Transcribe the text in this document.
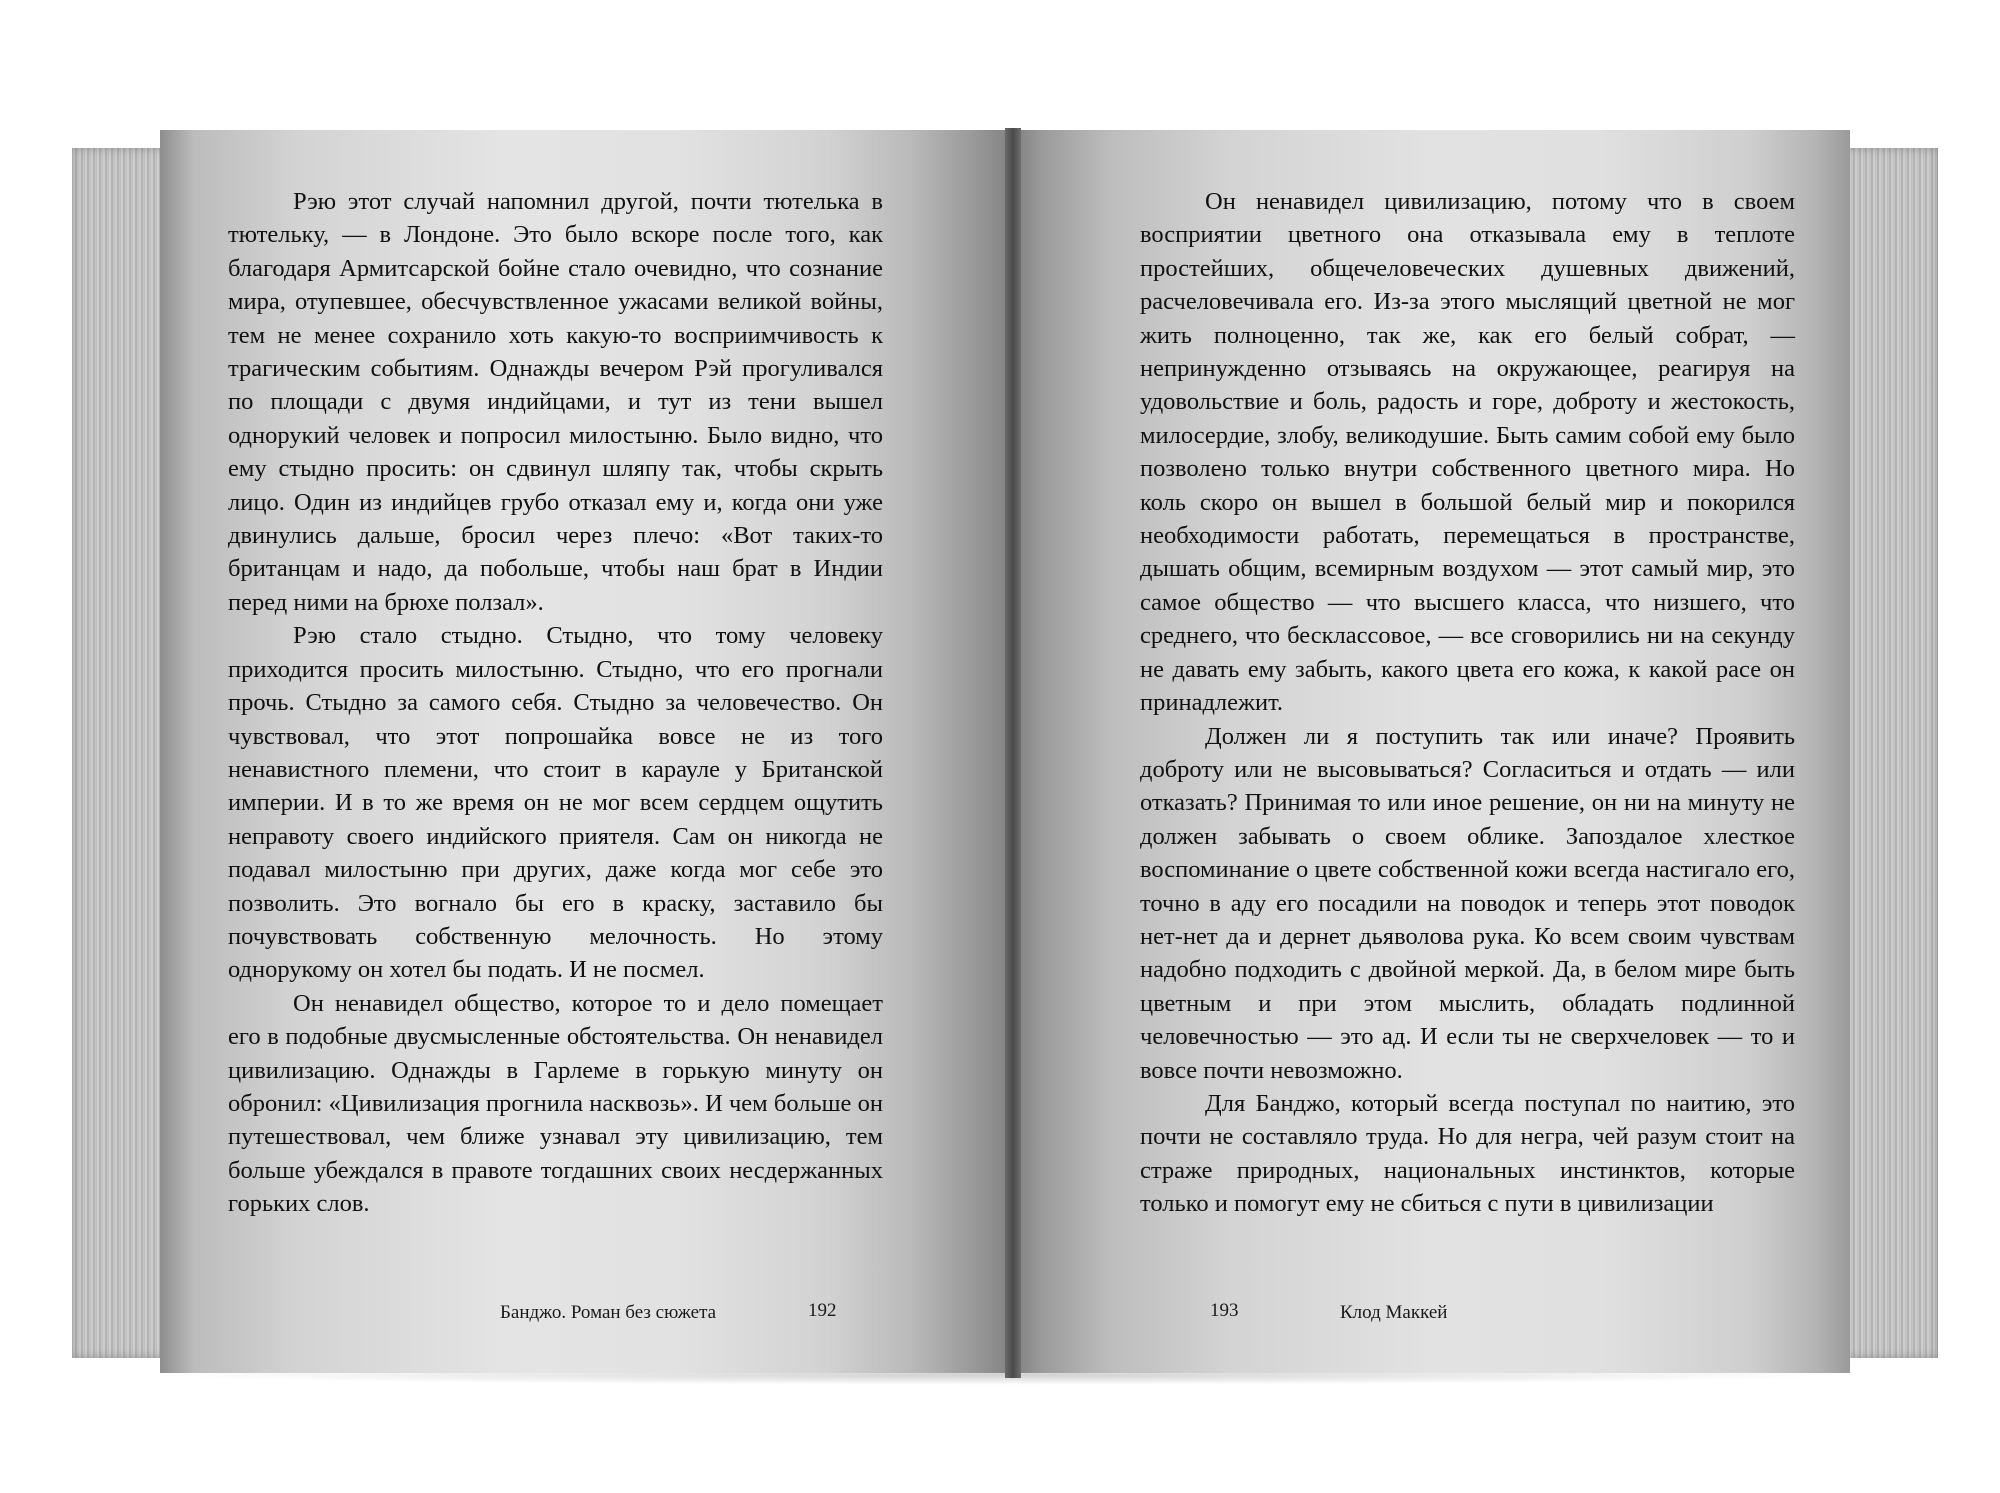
Рэю этот случай напомнил другой, почти тютелька в тютельку, — в Лондоне. Это было вскоре после того, как благодаря Армитсарской бойне стало очевидно, что сознание мира, отупевшее, обесчувствленное ужасами великой войны, тем не менее сохранило хоть какую-то восприимчивость к трагическим событиям. Однажды вечером Рэй прогуливался по площади с двумя индийцами, и тут из тени вышел однорукий человек и попросил милостыню. Было видно, что ему стыдно просить: он сдвинул шляпу так, чтобы скрыть лицо. Один из индийцев грубо отказал ему и, когда они уже двинулись дальше, бросил через плечо: «Вот таких-то британцам и надо, да побольше, чтобы наш брат в Индии перед ними на брюхе ползал».

Рэю стало стыдно. Стыдно, что тому человеку приходится просить милостыню. Стыдно, что его прогнали прочь. Стыдно за самого себя. Стыдно за человечество. Он чувствовал, что этот попрошайка вовсе не из того ненавистного племени, что стоит в карауле у Британской империи. И в то же время он не мог всем сердцем ощутить неправоту своего индийского приятеля. Сам он никогда не подавал милостыню при других, даже когда мог себе это позволить. Это вогнало бы его в краску, заставило бы почувствовать собственную мелочность. Но этому однорукому он хотел бы подать. И не посмел.

Он ненавидел общество, которое то и дело помещает его в подобные двусмысленные обстоятельства. Он ненавидел цивилизацию. Однажды в Гарлеме в горькую минуту он обронил: «Цивилизация прогнила насквозь». И чем больше он путешествовал, чем ближе узнавал эту цивилизацию, тем больше убеждался в правоте тогдашних своих несдержанных горьких слов.

Банджо. Роман без сюжета	192

Он ненавидел цивилизацию, потому что в своем восприятии цветного она отказывала ему в теплоте простейших, общечеловеческих душевных движений, расчеловечивала его. Из-за этого мыслящий цветной не мог жить полноценно, так же, как его белый собрат, — непринужденно отзываясь на окружающее, реагируя на удовольствие и боль, радость и горе, доброту и жестокость, милосердие, злобу, великодушие. Быть самим собой ему было позволено только внутри собственного цветного мира. Но коль скоро он вышел в большой белый мир и покорился необходимости работать, перемещаться в пространстве, дышать общим, всемирным воздухом — этот самый мир, это самое общество — что высшего класса, что низшего, что среднего, что бесклассовое, — все сговорились ни на секунду не давать ему забыть, какого цвета его кожа, к какой расе он принадлежит.

Должен ли я поступить так или иначе? Проявить доброту или не высовываться? Согласиться и отдать — или отказать? Принимая то или иное решение, он ни на минуту не должен забывать о своем облике. Запоздалое хлесткое воспоминание о цвете собственной кожи всегда настигало его, точно в аду его посадили на поводок и теперь этот поводок нет-нет да и дернет дьяволова рука. Ко всем своим чувствам надобно подходить с двойной меркой. Да, в белом мире быть цветным и при этом мыслить, обладать подлинной человечностью — это ад. И если ты не сверхчеловек — то и вовсе почти невозможно.

Для Банджо, который всегда поступал по наитию, это почти не составляло труда. Но для негра, чей разум стоит на страже природных, национальных инстинктов, которые только и помогут ему не сбиться с пути в цивилизации

193	Клод Маккей
